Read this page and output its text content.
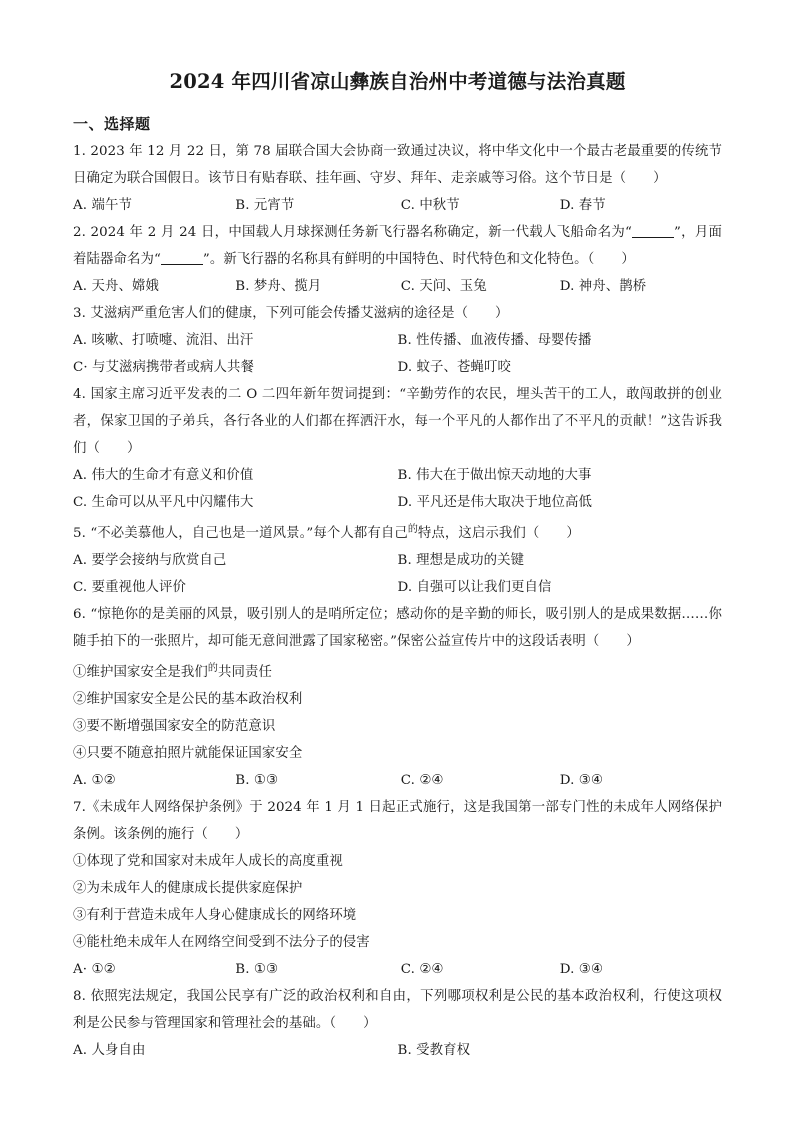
2024 年四川省凉山彝族自治州中考道德与法治真题
一、选择题
1. 2023 年 12 月 22 日，第 78 届联合国大会协商一致通过决议，将中华文化中一个最古老最重要的传统节日确定为联合国假日。该节日有贴春联、挂年画、守岁、拜年、走亲戚等习俗。这个节日是（　　）
A. 端午节	B. 元宵节	C. 中秋节	D. 春节
2. 2024 年 2 月 24 日，中国载人月球探测任务新飞行器名称确定，新一代载人飞船命名为“	”，月面着陆器命名为“	”。新飞行器的名称具有鲜明的中国特色、时代特色和文化特色。（　　）
A. 天舟、嫦娥	B. 梦舟、揽月	C. 天问、玉兔	D. 神舟、鹊桥
3. 艾滋病严重危害人们的健康，下列可能会传播艾滋病的途径是（　　）
A. 咳嗽、打喷嚏、流泪、出汗	B. 性传播、血液传播、母婴传播
C· 与艾滋病携带者或病人共餐	D. 蚊子、苍蝇叮咬
4. 国家主席习近平发表的二 O 二四年新年贺词提到：“辛勤劳作的农民，埋头苦干的工人，敢闯敢拼的创业者，保家卫国的子弟兵，各行各业的人们都在挥洒汗水，每一个平凡的人都作出了不平凡的贡献！”这告诉我们（　　）
A. 伟大的生命才有意义和价值	B. 伟大在于做出惊天动地的大事
C. 生命可以从平凡中闪耀伟大	D. 平凡还是伟大取决于地位高低
5. “不必美慕他人，自己也是一道风景。”每个人都有自己$^的$特点，这启示我们（　　）
A. 要学会接纳与欣赏自己	B. 理想是成功的关键
C. 要重视他人评价	D. 自强可以让我们更自信
6. “惊艳你的是美丽的风景，吸引别人的是哨所定位；感动你的是辛勤的师长，吸引别人的是成果数据……你随手拍下的一张照片，却可能无意间泄露了国家秘密。”保密公益宣传片中的这段话表明（　　）
①维护国家安全是我们$^的$共同责任
②维护国家安全是公民的基本政治权利
③要不断增强国家安全的防范意识
④只要不随意拍照片就能保证国家安全
A. ①②	B. ①③	C. ②④	D. ③④
7.《未成年人网络保护条例》于 2024 年 1 月 1 日起正式施行，这是我国第一部专门性的未成年人网络保护条例。该条例的施行（　　）
①体现了党和国家对未成年人成长的高度重视
②为未成年人的健康成长提供家庭保护
③有利于营造未成年人身心健康成长的网络环境
④能杜绝未成年人在网络空间受到不法分子的侵害
A· ①②	B. ①③	C. ②④	D. ③④
8. 依照宪法规定，我国公民享有广泛的政治权利和自由，下列哪项权利是公民的基本政治权利，行使这项权利是公民参与管理国家和管理社会的基础。（　　）
A. 人身自由	B. 受教育权
